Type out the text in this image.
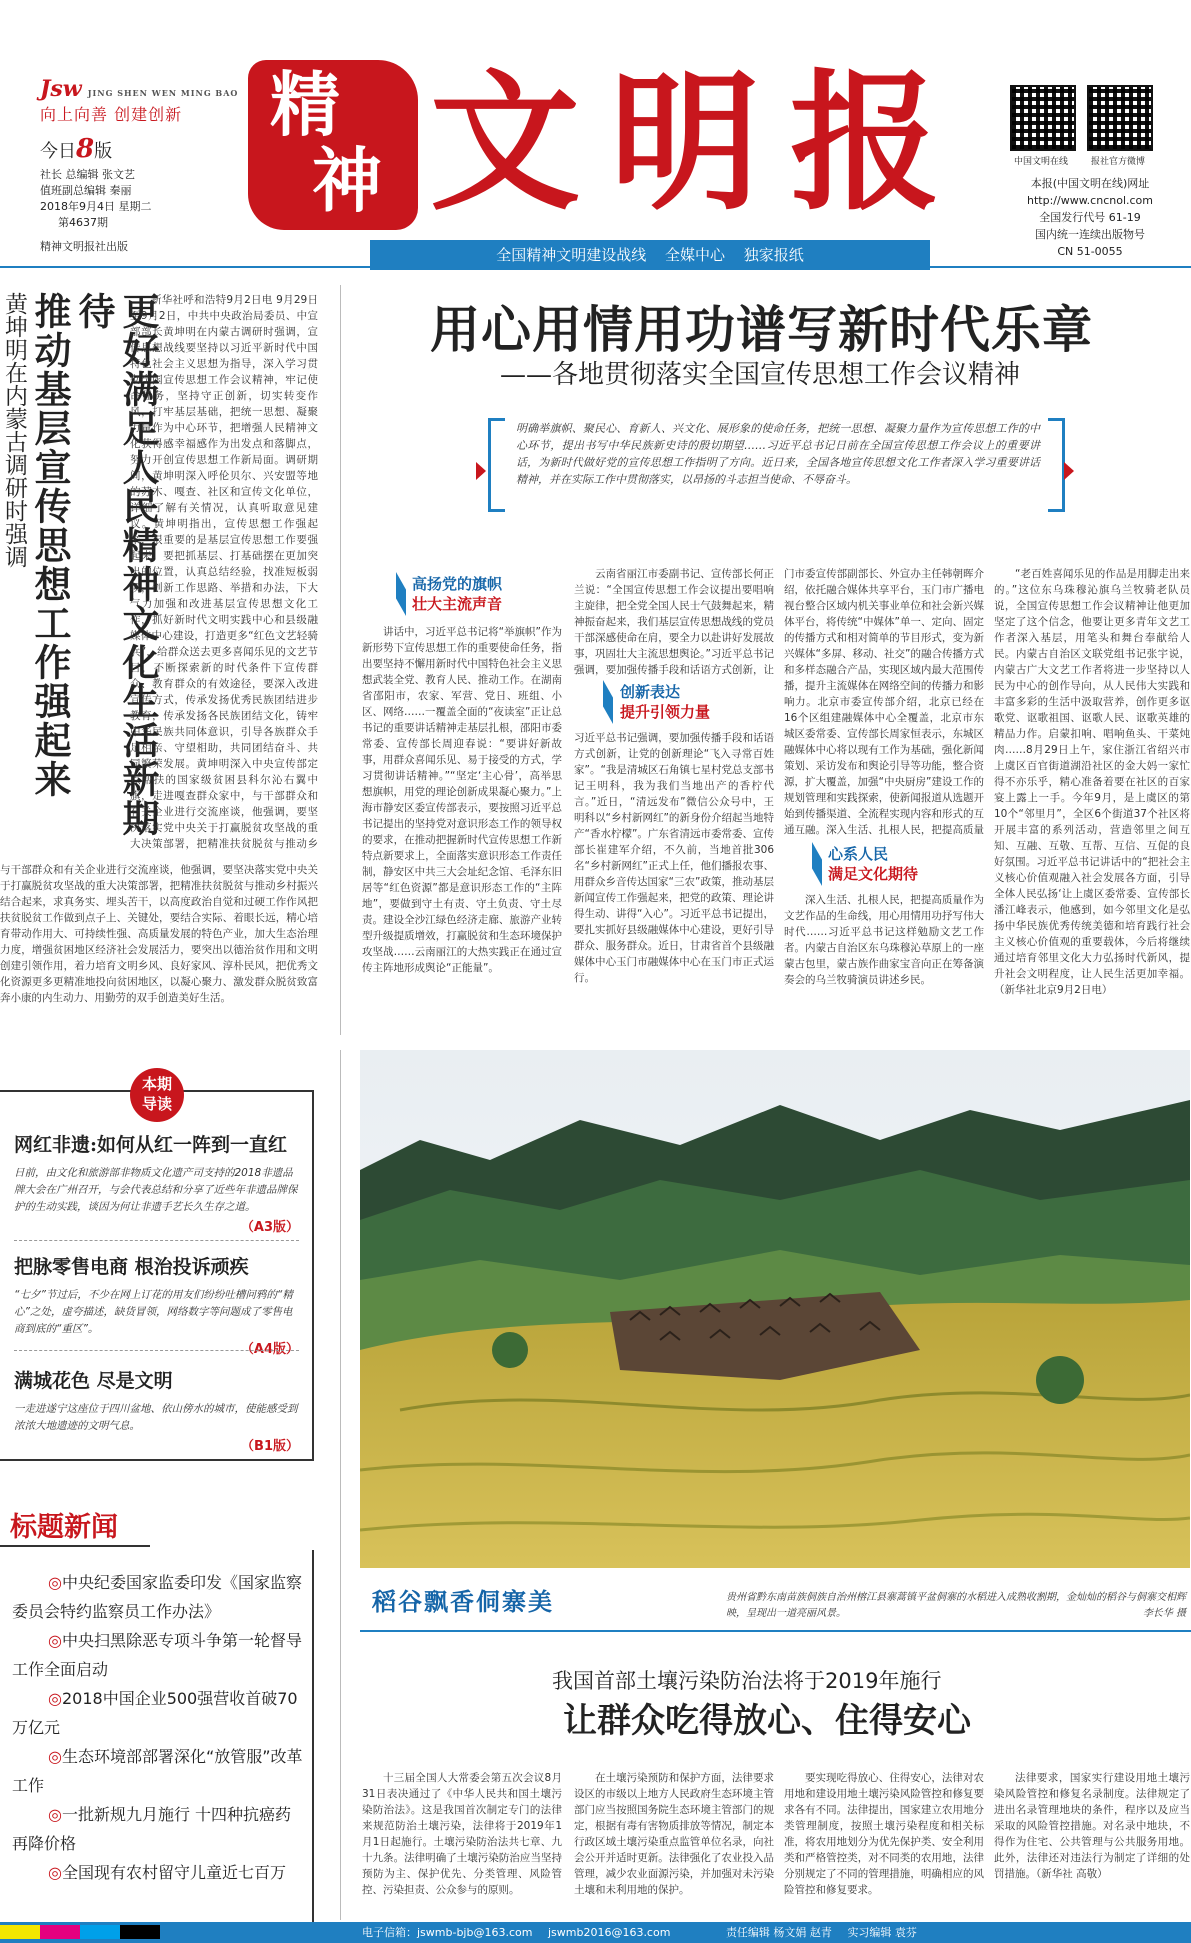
Jsw JING SHEN WEN MING BAO
向上向善 创建创新
今日8版
社长 总编辑 张文艺
值班副总编辑 秦丽
2018年9月4日 星期二
第4637期
精神文明报社出版
精
神 文明报	中国文明在线	报社官方微博
本报(中国文明在线)网址
http://www.cncnol.com
全国发行代号 61-19
国内统一连续出版物号
CN 51-0055
全国精神文明建设战线 全媒中心 独家报纸
更好满足人民精神文化生活新期待
推动基层宣传思想工作强起来
黄坤明在内蒙古调研时强调	新华社呼和浩特9月2日电 9月29日至9月2日，中共中央政治局委员、中宣部部长黄坤明在内蒙古调研时强调，宣传思想战线要坚持以习近平新时代中国特色社会主义思想为指导，深入学习贯彻全国宣传思想工作会议精神，牢记使命任务，坚持守正创新，切实转变作风，打牢基层基础，把统一思想、凝聚力量作为中心环节，把增强人民精神文化获得感幸福感作为出发点和落脚点，努力开创宣传思想工作新局面。调研期间，黄坤明深入呼伦贝尔、兴安盟等地的苏木、嘎查、社区和宣传文化单位，详细了解有关情况，认真听取意见建议。黄坤明指出，宣传思想工作强起来，很重要的是基层宣传思想工作要强起来。要把抓基层、打基础摆在更加突出的位置，认真总结经验，找准短板弱项，创新工作思路、举措和办法，下大气力加强和改进基层宣传思想文化工作，抓好新时代文明实践中心和县级融媒体中心建设，打造更多“红色文艺轻骑兵”，给群众送去更多喜闻乐见的文艺节目，不断探索新的时代条件下宣传群众、教育群众的有效途径，要深入改进宣传方式，传承发扬优秀民族团结进步教育，传承发扬各民族团结文化，铸牢中华民族共同体意识，引导各族群众手足相亲、守望相助，共同团结奋斗、共同繁荣发展。黄坤明深入中央宣传部定点帮扶的国家级贫困县科尔沁右翼中旗，走进嘎查群众家中，与干部群众和有关企业进行交流座谈，他强调，要坚决落实党中央关于打赢脱贫攻坚战的重大决策部署，把精准扶贫脱贫与推动乡

与干部群众和有关企业进行交流座谈，他强调，要坚决落实党中央关于打赢脱贫攻坚战的重大决策部署，把精准扶贫脱贫与推动乡村振兴结合起来，求真务实、埋头苦干，以高度政治自觉和过硬工作作风把扶贫脱贫工作做到点子上、关键处，要结合实际、着眼长远，精心培育带动作用大、可持续性强、高质量发展的特色产业，加大生态治理力度，增强贫困地区经济社会发展活力，要突出以德治贫作用和文明创建引领作用，着力培育文明乡风、良好家风、淳朴民风，把优秀文化资源更多更精准地投向贫困地区，以凝心聚力、激发群众脱贫致富奔小康的内生动力、用勤劳的双手创造美好生活。

用心用情用功谱写新时代乐章
——各地贯彻落实全国宣传思想工作会议精神
明确举旗帜、聚民心、育新人、兴文化、展形象的使命任务，把统一思想、凝聚力量作为宣传思想工作的中心环节，提出书写中华民族新史诗的殷切期望……习近平总书记日前在全国宣传思想工作会议上的重要讲话，为新时代做好党的宣传思想工作指明了方向。近日来，全国各地宣传思想文化工作者深入学习重要讲话精神，并在实际工作中贯彻落实，以昂扬的斗志担当使命、不辱奋斗。
高扬党的旗帜
壮大主流声音

讲话中，习近平总书记将“举旗帜”作为新形势下宣传思想工作的重要使命任务，指出要坚持不懈用新时代中国特色社会主义思想武装全党、教育人民、推动工作。在湖南省邵阳市，农家、军营、党日、班组、小区、网络……一覆盖全面的“夜读室”正让总书记的重要讲话精神走基层扎根，邵阳市委常委、宣传部长周迎春说：“要讲好新故事，用群众喜闻乐见、易于接受的方式，学习贯彻讲话精神。”“坚定‘主心骨’，高举思想旗帜，用党的理论创新成果凝心聚力。”上海市静安区委宣传部表示，要按照习近平总书记提出的坚持党对意识形态工作的领导权的要求，在推动把握新时代宣传思想工作新特点新要求上，全面落实意识形态工作责任制，静安区中共三大会址纪念馆、毛泽东旧居等“红色资源”都是意识形态工作的“主阵地”，要做到守土有责、守土负责、守土尽责。建设全沙江绿色经济走廊、旅游产业转型升级提质增效，打赢脱贫和生态环境保护攻坚战……云南丽江的大热实践正在通过宣传主阵地形成舆论“正能量”。

云南省丽江市委副书记、宣传部长何正兰说：“全国宣传思想工作会议提出要唱响主旋律，把全党全国人民士气鼓舞起来，精神振奋起来，我们基层宣传思想战线的党员干部深感使命在肩，要全力以赴讲好发展故事，巩固壮大主流思想舆论。”习近平总书记强调，要加强传播手段和话语方式创新，让

创新表达
提升引领力量

习近平总书记强调，要加强传播手段和话语方式创新，让党的创新理论“飞入寻常百姓家”。“我是清城区石角镇七星村党总支部书记王明科，我为我们当地出产的香柠代言。”近日，“清远发布”微信公众号中，王明科以“乡村新网红”的新身份介绍起当地特产“香水柠檬”。广东省清远市委常委、宣传部长崔建军介绍，不久前，当地首批306名“乡村新网红”正式上任，他们播报农事、用群众乡音传达国家“三农”政策，推动基层新闻宣传工作强起来，把党的政策、理论讲得生动、讲得“入心”。习近平总书记提出，要扎实抓好县级融媒体中心建设，更好引导群众、服务群众。近日，甘肃省首个县级融媒体中心玉门市融媒体中心在玉门市正式运行。

门市委宣传部副部长、外宣办主任韩朝晖介绍，依托融合媒体共享平台，玉门市广播电视台整合区域内机关事业单位和社会新兴媒体平台，将传统“中媒体”单一、定向、固定的传播方式和相对简单的节目形式，变为新兴媒体“多屏、移动、社交”的融合传播方式和多样态融合产品，实现区域内最大范围传播，提升主流媒体在网络空间的传播力和影响力。北京市委宣传部介绍，北京已经在16个区组建融媒体中心全覆盖，北京市东城区委常委、宣传部长周家恒表示，东城区融媒体中心将以现有工作为基础，强化新闻策划、采访发布和舆论引导等功能，整合资源，扩大覆盖，加强“中央厨房”建设工作的规划管理和实践探索，使新闻报道从选题开始到传播渠道、全流程实现内容和形式的互通互融。深入生活、扎根人民，把提高质量

心系人民
满足文化期待

深入生活、扎根人民，把提高质量作为文艺作品的生命线，用心用情用功抒写伟大时代……习近平总书记这样勉励文艺工作者。内蒙古自治区东乌珠穆沁草原上的一座蒙古包里，蒙古族作曲家宝音向正在筹备演奏会的乌兰牧骑演员讲述乡民。

“老百姓喜闻乐见的作品是用脚走出来的。”这位东乌珠穆沁旗乌兰牧骑老队员说，全国宣传思想工作会议精神让他更加坚定了这个信念，他要让更多青年文艺工作者深入基层，用笔头和舞台奉献给人民。内蒙古自治区文联党组书记张宇说，内蒙古广大文艺工作者将进一步坚持以人民为中心的创作导向，从人民伟大实践和丰富多彩的生活中汲取营养，创作更多讴歌党、讴歌祖国、讴歌人民、讴歌英雄的精品力作。启蒙扣响、唱响鱼头、干菜炖肉……8月29日上午，家住浙江省绍兴市上虞区百官街道湖沿社区的金大妈一家忙得不亦乐乎，精心准备着要在社区的百家宴上露上一手。今年9月，是上虞区的第10个“邻里月”，全区6个街道37个社区将开展丰富的系列活动，营造邻里之间互知、互融、互敬、互帮、互信、互促的良好氛围。习近平总书记讲话中的“把社会主义核心价值观融入社会发展各方面，引导全体人民弘扬‘让上虞区委常委、宣传部长潘江峰表示，他感到，如今邻里文化是弘扬中华民族优秀传统美德和培育践行社会主义核心价值观的重要载体，今后将继续通过培育邻里文化大力弘扬时代新风，提升社会文明程度，让人民生活更加幸福。（新华社北京9月2日电）

本期
导读
网红非遗:如何从红一阵到一直红
日前，由文化和旅游部非物质文化遗产司支持的2018非遗品牌大会在广州召开，与会代表总结和分享了近些年非遗品牌保护的生动实践，谈因为何让非遗手艺长久生存之道。
（A3版）
把脉零售电商 根治投诉顽疾
“七夕”节过后，不少在网上订花的用友们纷纷吐槽问鸦的“精心”之处，虚夸描述，缺货冒领，网络数字等问题成了零售电商到底的“重区”。
（A4版）
满城花色 尽是文明
一走进遂宁这座位于四川盆地、依山傍水的城市，使能感受到浓浓大地遗迹的文明气息。
（B1版）
标题新闻
◎中央纪委国家监委印发《国家监察委员会特约监察员工作办法》
◎中央扫黑除恶专项斗争第一轮督导工作全面启动
◎2018中国企业500强营收首破70万亿元
◎生态环境部部署深化“放管服”改革工作
◎一批新规九月施行 十四种抗癌药再降价格
◎全国现有农村留守儿童近七百万
稻谷飘香侗寨美	贵州省黔东南苗族侗族自治州榕江县寨蒿镇平盆侗寨的水稻进入成熟收割期，金灿灿的稻谷与侗寨交相辉映，呈现出一道亮丽风景。	李长华 摄
我国首部土壤污染防治法将于2019年施行
让群众吃得放心、住得安心

十三届全国人大常委会第五次会议8月31日表决通过了《中华人民共和国土壤污染防治法》。这是我国首次制定专门的法律来规范防治土壤污染，法律将于2019年1月1日起施行。土壤污染防治法共七章、九十九条。法律明确了土壤污染防治应当坚持预防为主、保护优先、分类管理、风险管控、污染担责、公众参与的原则。

在土壤污染预防和保护方面，法律要求设区的市级以上地方人民政府生态环境主管部门应当按照国务院生态环境主管部门的规定，根据有毒有害物质排放等情况，制定本行政区域土壤污染重点监管单位名录，向社会公开并适时更新。法律强化了农业投入品管理，减少农业面源污染，并加强对未污染土壤和未利用地的保护。

要实现吃得放心、住得安心，法律对农用地和建设用地土壤污染风险管控和修复要求各有不同。法律提出，国家建立农用地分类管理制度，按照土壤污染程度和相关标准，将农用地划分为优先保护类、安全利用类和严格管控类，对不同类的农用地，法律分别规定了不同的管理措施，明确相应的风险管控和修复要求。

法律要求，国家实行建设用地土壤污染风险管控和修复名录制度。法律规定了进出名录管理地块的条件，程序以及应当采取的风险管控措施。对名录中地块，不得作为住宅、公共管理与公共服务用地。此外，法律还对违法行为制定了详细的处罚措施。（新华社 高敬）

电子信箱：jswmb-bjb@163.com jswmb2016@163.com	责任编辑 杨文娟 赵青 实习编辑 袁芬
